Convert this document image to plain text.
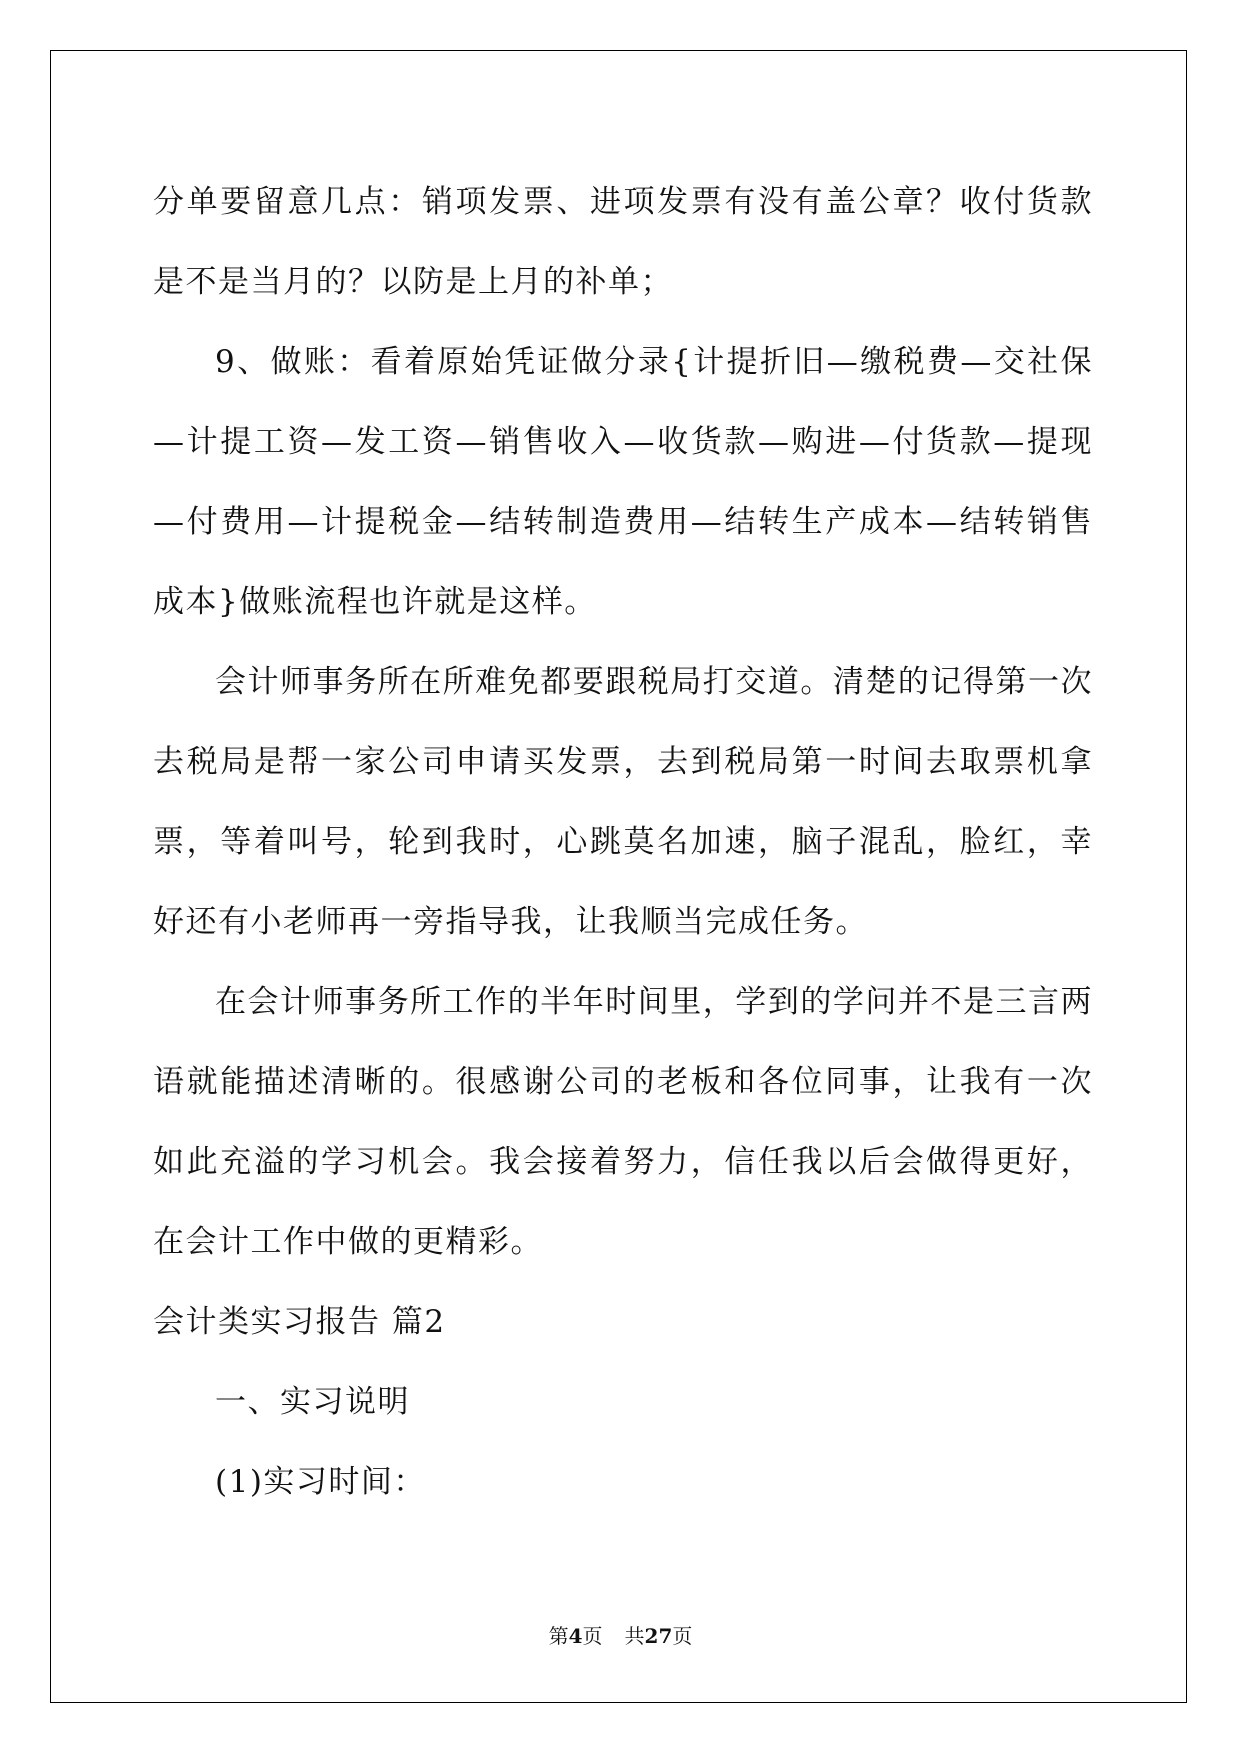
分单要留意几点：销项发票、进项发票有没有盖公章？收付货款是不是当月的？以防是上月的补单；

9、做账：看着原始凭证做分录{计提折旧—缴税费—交社保—计提工资—发工资—销售收入—收货款—购进—付货款—提现—付费用—计提税金—结转制造费用—结转生产成本—结转销售成本}做账流程也许就是这样。

会计师事务所在所难免都要跟税局打交道。清楚的记得第一次去税局是帮一家公司申请买发票，去到税局第一时间去取票机拿票，等着叫号，轮到我时，心跳莫名加速，脑子混乱，脸红，幸好还有小老师再一旁指导我，让我顺当完成任务。

在会计师事务所工作的半年时间里，学到的学问并不是三言两语就能描述清晰的。很感谢公司的老板和各位同事，让我有一次如此充溢的学习机会。我会接着努力，信任我以后会做得更好，在会计工作中做的更精彩。

会计类实习报告 篇2

一、实习说明

(1)实习时间：

第4页 共27页
